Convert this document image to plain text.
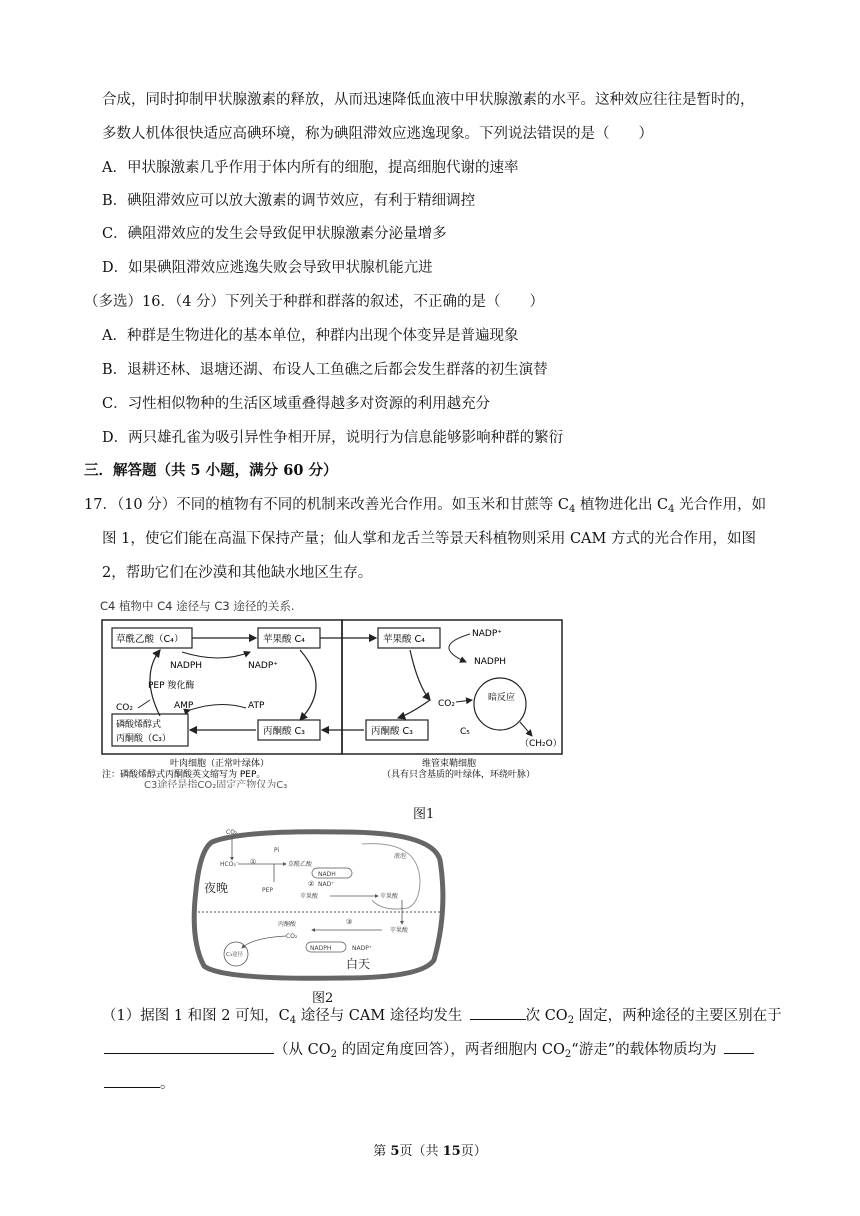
合成，同时抑制甲状腺激素的释放，从而迅速降低血液中甲状腺激素的水平。这种效应往往是暂时的，
多数人机体很快适应高碘环境，称为碘阻滞效应逃逸现象。下列说法错误的是（　　）
A．甲状腺激素几乎作用于体内所有的细胞，提高细胞代谢的速率
B．碘阻滞效应可以放大激素的调节效应，有利于精细调控
C．碘阻滞效应的发生会导致促甲状腺激素分泌量增多
D．如果碘阻滞效应逃逸失败会导致甲状腺机能亢进
（多选）16．（4 分）下列关于种群和群落的叙述，不正确的是（　　）
A．种群是生物进化的基本单位，种群内出现个体变异是普遍现象
B．退耕还林、退塘还湖、布设人工鱼礁之后都会发生群落的初生演替
C．习性相似物种的生活区域重叠得越多对资源的利用越充分
D．两只雄孔雀为吸引异性争相开屏，说明行为信息能够影响种群的繁衍
三．解答题（共 5 小题，满分 60 分）
17．（10 分）不同的植物有不同的机制来改善光合作用。如玉米和甘蔗等 $C_4$ 植物进化出 $C_4$ 光合作用，如
图 1，使它们能在高温下保持产量；仙人掌和龙舌兰等景天科植物则采用 CAM 方式的光合作用，如图
2，帮助它们在沙漠和其他缺水地区生存。
C4 植物中 C4 途径与 C3 途径的关系.
草酰乙酸（C₄）	苹果酸 C₄
NADPH	NADP⁺
PEP 羧化酶
CO₂	AMP	ATP
磷酸烯醇式
丙酮酸（C₃）
丙酮酸 C₃
苹果酸 C₄	NADP⁺
NADPH
CO₂
暗反应
C₅
（CH₂O）
丙酮酸 C₃
叶肉细胞（正常叶绿体）	维管束鞘细胞
注：磷酸烯醇式丙酮酸英文缩写为 PEP。	（具有只含基质的叶绿体，环绕叶脉）
C3途径是指CO₂固定产物仅为C₃
图1
CO₂
HCO₃⁻ ①
Pi
草酰乙酸
PEP
NADH
② NAD⁺
苹果酸	苹果酸
液泡
夜晚
苹果酸
③
丙酮酸
CO₂
NADPH	NADP⁺
C₃途径
白天
图2
（1）据图 1 和图 2 可知，$C_4$ 途径与 CAM 途径均发生 	次 $CO_2$ 固定，两种途径的主要区别在于
（从 $CO_2$ 的固定角度回答），两者细胞内 $CO_2“$游走”的载体物质均为 
。
第 5页（共 15页）
